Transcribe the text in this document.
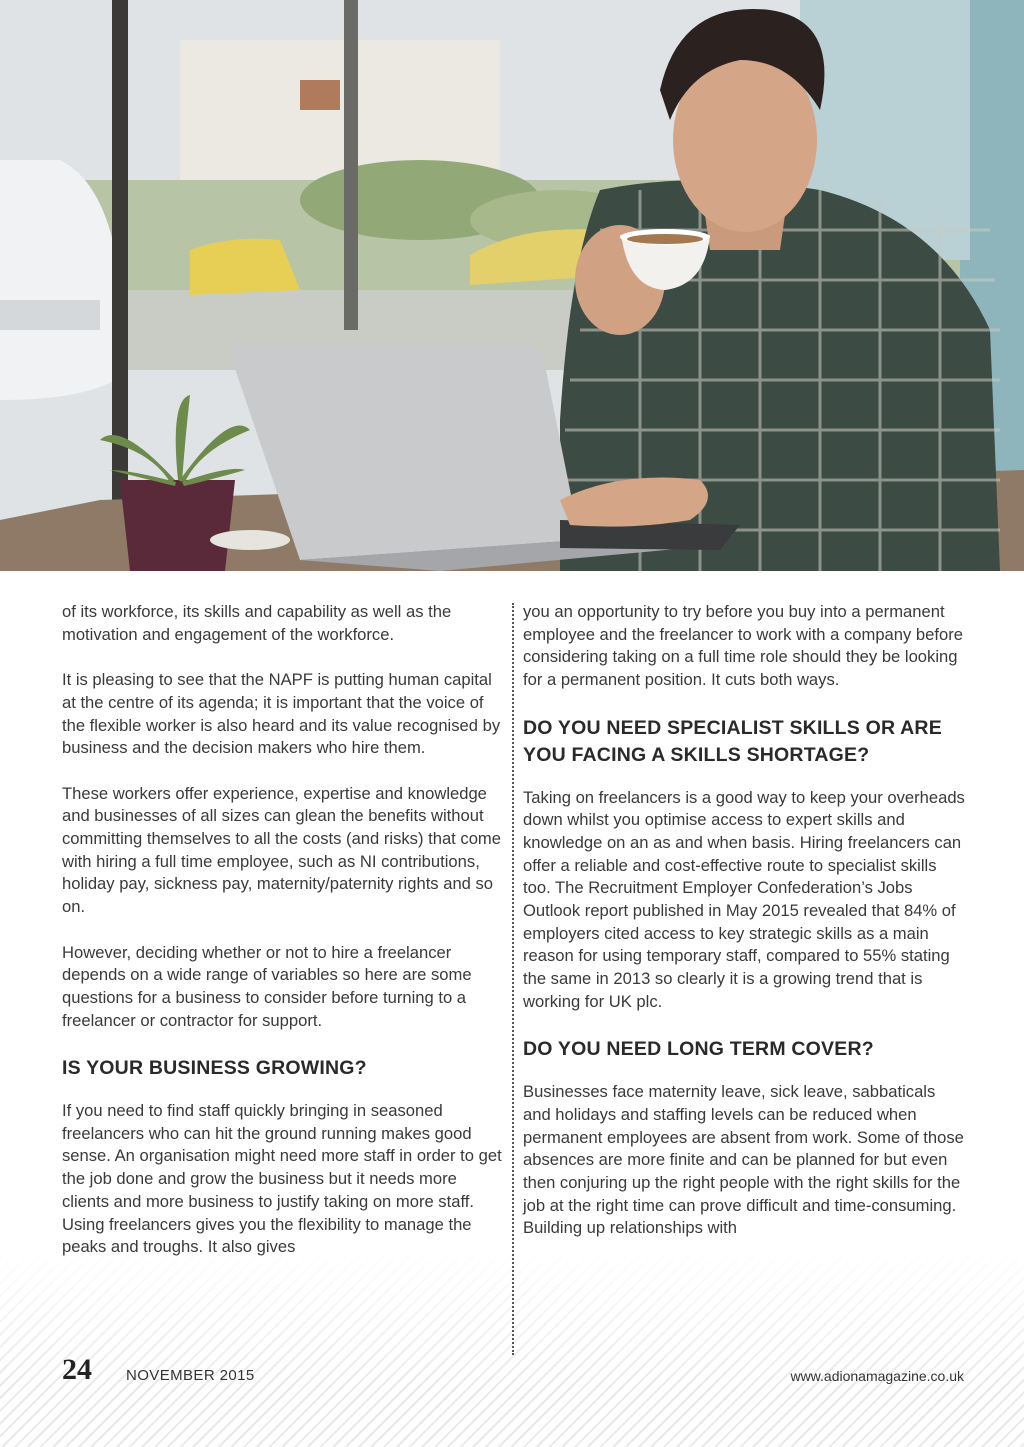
of its workforce, its skills and capability as well as the motivation and engagement of the workforce.

It is pleasing to see that the NAPF is putting human capital at the centre of its agenda; it is important that the voice of the flexible worker is also heard and its value recognised by business and the decision makers who hire them.

These workers offer experience, expertise and knowledge and businesses of all sizes can glean the benefits without committing themselves to all the costs (and risks) that come with hiring a full time employee, such as NI contributions, holiday pay, sickness pay, maternity/paternity rights and so on.

However, deciding whether or not to hire a freelancer depends on a wide range of variables so here are some questions for a business to consider before turning to a freelancer or contractor for support.

IS YOUR BUSINESS GROWING?

If you need to find staff quickly bringing in seasoned freelancers who can hit the ground running makes good sense. An organisation might need more staff in order to get the job done and grow the business but it needs more clients and more business to justify taking on more staff. Using freelancers gives you the flexibility to manage the peaks and troughs. It also gives

you an opportunity to try before you buy into a permanent employee and the freelancer to work with a company before considering taking on a full time role should they be looking for a permanent position. It cuts both ways.

DO YOU NEED SPECIALIST SKILLS OR ARE YOU FACING A SKILLS SHORTAGE?

Taking on freelancers is a good way to keep your overheads down whilst you optimise access to expert skills and knowledge on an as and when basis. Hiring freelancers can offer a reliable and cost-effective route to specialist skills too. The Recruitment Employer Confederation’s Jobs Outlook report published in May 2015 revealed that 84% of employers cited access to key strategic skills as a main reason for using temporary staff, compared to 55% stating the same in 2013 so clearly it is a growing trend that is working for UK plc.

DO YOU NEED LONG TERM COVER?

Businesses face maternity leave, sick leave, sabbaticals and holidays and staffing levels can be reduced when permanent employees are absent from work. Some of those absences are more finite and can be planned for but even then conjuring up the right people with the right skills for the job at the right time can prove difficult and time-consuming. Building up relationships with

24 NOVEMBER 2015	www.adionamagazine.co.uk
